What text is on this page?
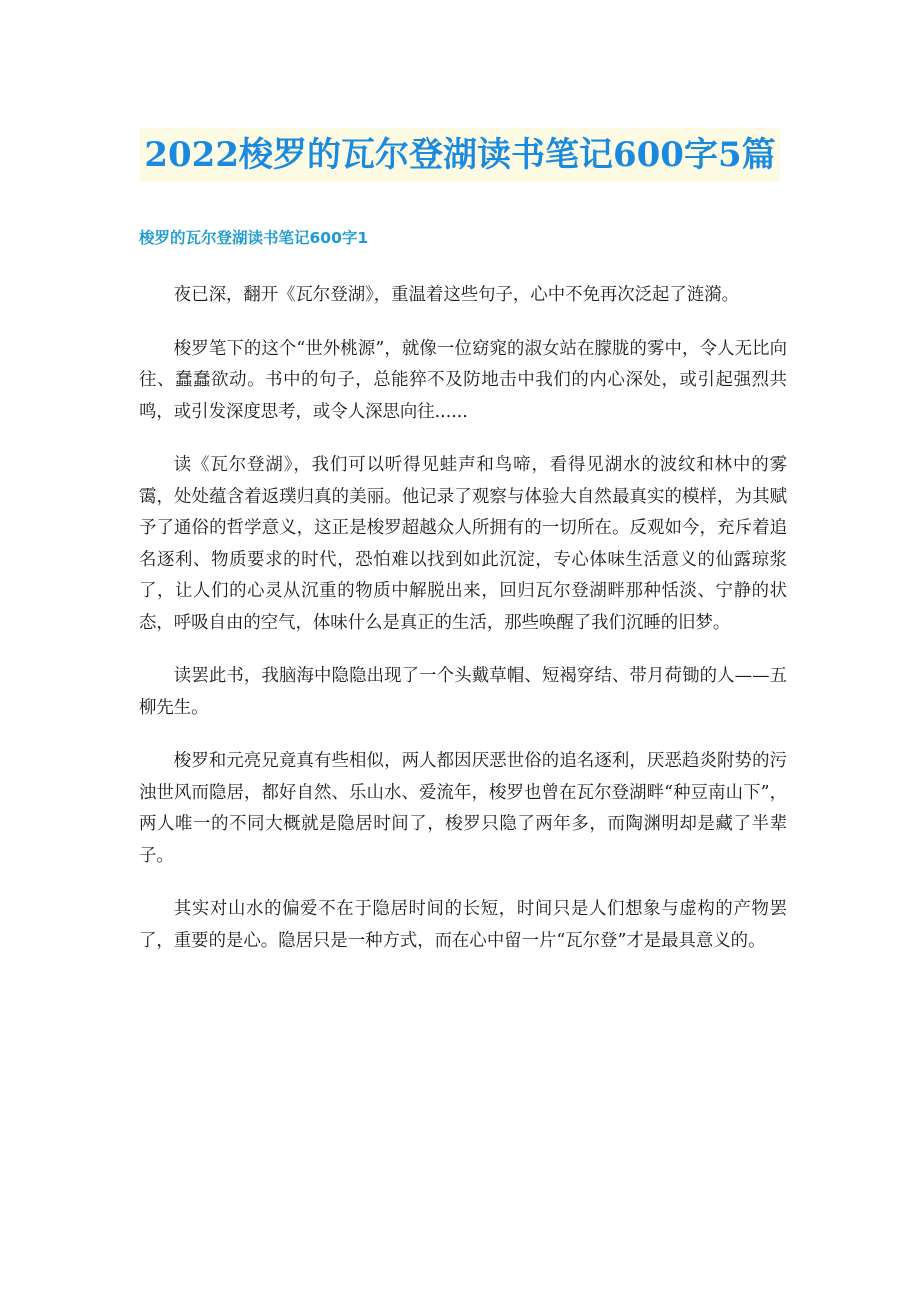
2022梭罗的瓦尔登湖读书笔记600字5篇
梭罗的瓦尔登湖读书笔记600字1

夜已深，翻开《瓦尔登湖》，重温着这些句子，心中不免再次泛起了涟漪。

梭罗笔下的这个“世外桃源”，就像一位窈窕的淑女站在朦胧的雾中，令人无比向往、蠢蠢欲动。书中的句子，总能猝不及防地击中我们的内心深处，或引起强烈共鸣，或引发深度思考，或令人深思向往......

读《瓦尔登湖》，我们可以听得见蛙声和鸟啼，看得见湖水的波纹和林中的雾霭，处处蕴含着返璞归真的美丽。他记录了观察与体验大自然最真实的模样，为其赋予了通俗的哲学意义，这正是梭罗超越众人所拥有的一切所在。反观如今，充斥着追名逐利、物质要求的时代，恐怕难以找到如此沉淀，专心体味生活意义的仙露琼浆了，让人们的心灵从沉重的物质中解脱出来，回归瓦尔登湖畔那种恬淡、宁静的状态，呼吸自由的空气，体味什么是真正的生活，那些唤醒了我们沉睡的旧梦。

读罢此书，我脑海中隐隐出现了一个头戴草帽、短褐穿结、带月荷锄的人——五柳先生。

梭罗和元亮兄竟真有些相似，两人都因厌恶世俗的追名逐利，厌恶趋炎附势的污浊世风而隐居，都好自然、乐山水、爱流年，梭罗也曾在瓦尔登湖畔“种豆南山下”，两人唯一的不同大概就是隐居时间了，梭罗只隐了两年多，而陶渊明却是藏了半辈子。

其实对山水的偏爱不在于隐居时间的长短，时间只是人们想象与虚构的产物罢了，重要的是心。隐居只是一种方式，而在心中留一片“瓦尔登”才是最具意义的。
